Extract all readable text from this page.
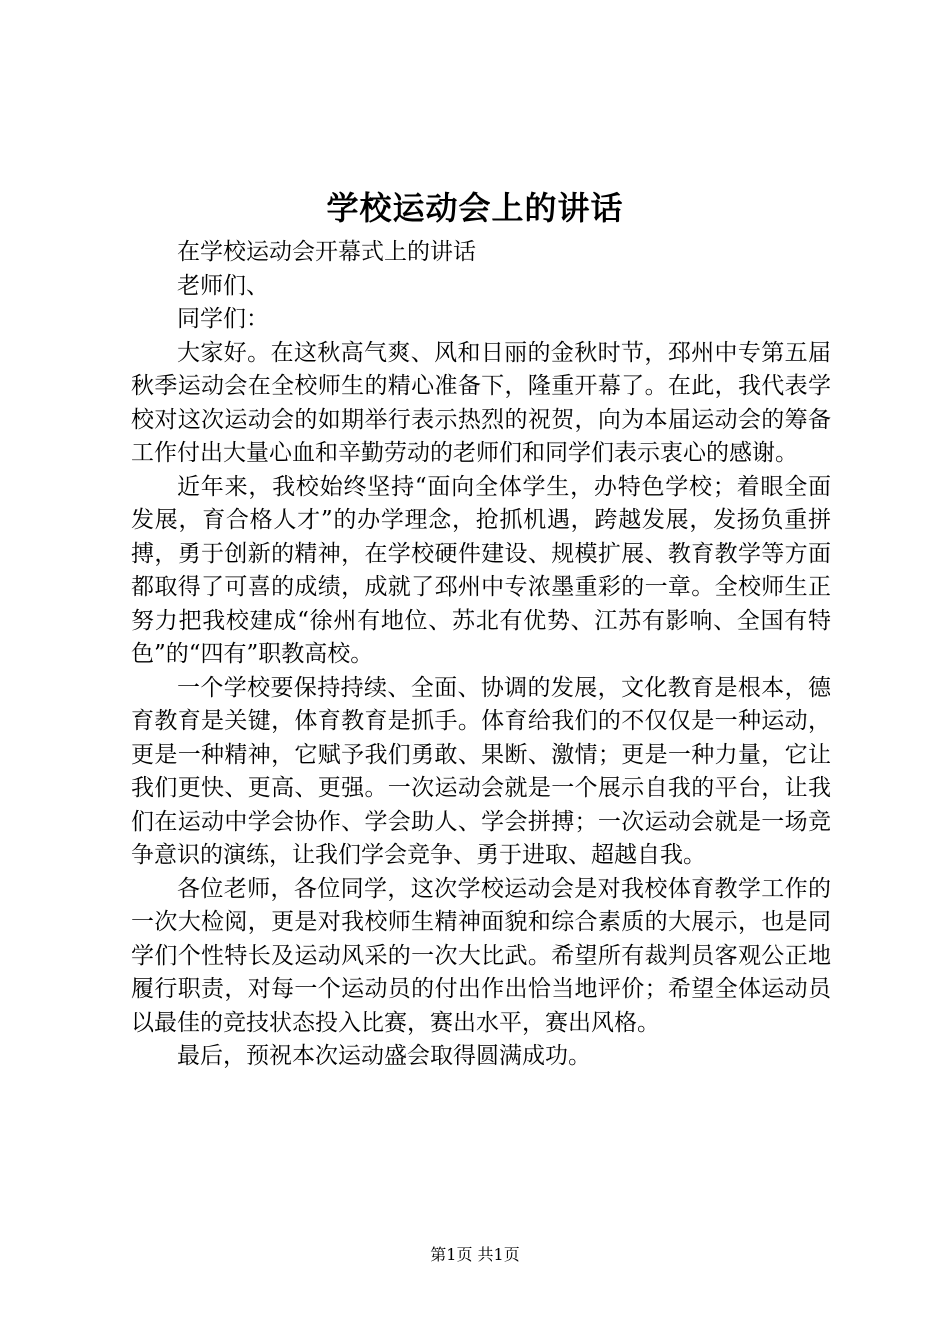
学校运动会上的讲话

在学校运动会开幕式上的讲话

老师们、

同学们：

大家好。在这秋高气爽、风和日丽的金秋时节，邳州中专第五届秋季运动会在全校师生的精心准备下，隆重开幕了。在此，我代表学校对这次运动会的如期举行表示热烈的祝贺，向为本届运动会的筹备工作付出大量心血和辛勤劳动的老师们和同学们表示衷心的感谢。

近年来，我校始终坚持“面向全体学生，办特色学校；着眼全面发展，育合格人才”的办学理念，抢抓机遇，跨越发展，发扬负重拼搏，勇于创新的精神，在学校硬件建设、规模扩展、教育教学等方面都取得了可喜的成绩，成就了邳州中专浓墨重彩的一章。全校师生正努力把我校建成“徐州有地位、苏北有优势、江苏有影响、全国有特色”的“四有”职教高校。

一个学校要保持持续、全面、协调的发展，文化教育是根本，德育教育是关键，体育教育是抓手。体育给我们的不仅仅是一种运动，更是一种精神，它赋予我们勇敢、果断、激情；更是一种力量，它让我们更快、更高、更强。一次运动会就是一个展示自我的平台，让我们在运动中学会协作、学会助人、学会拼搏；一次运动会就是一场竞争意识的演练，让我们学会竞争、勇于进取、超越自我。

各位老师，各位同学，这次学校运动会是对我校体育教学工作的一次大检阅，更是对我校师生精神面貌和综合素质的大展示，也是同学们个性特长及运动风采的一次大比武。希望所有裁判员客观公正地履行职责，对每一个运动员的付出作出恰当地评价；希望全体运动员以最佳的竞技状态投入比赛，赛出水平，赛出风格。

最后，预祝本次运动盛会取得圆满成功。

第1页 共1页
